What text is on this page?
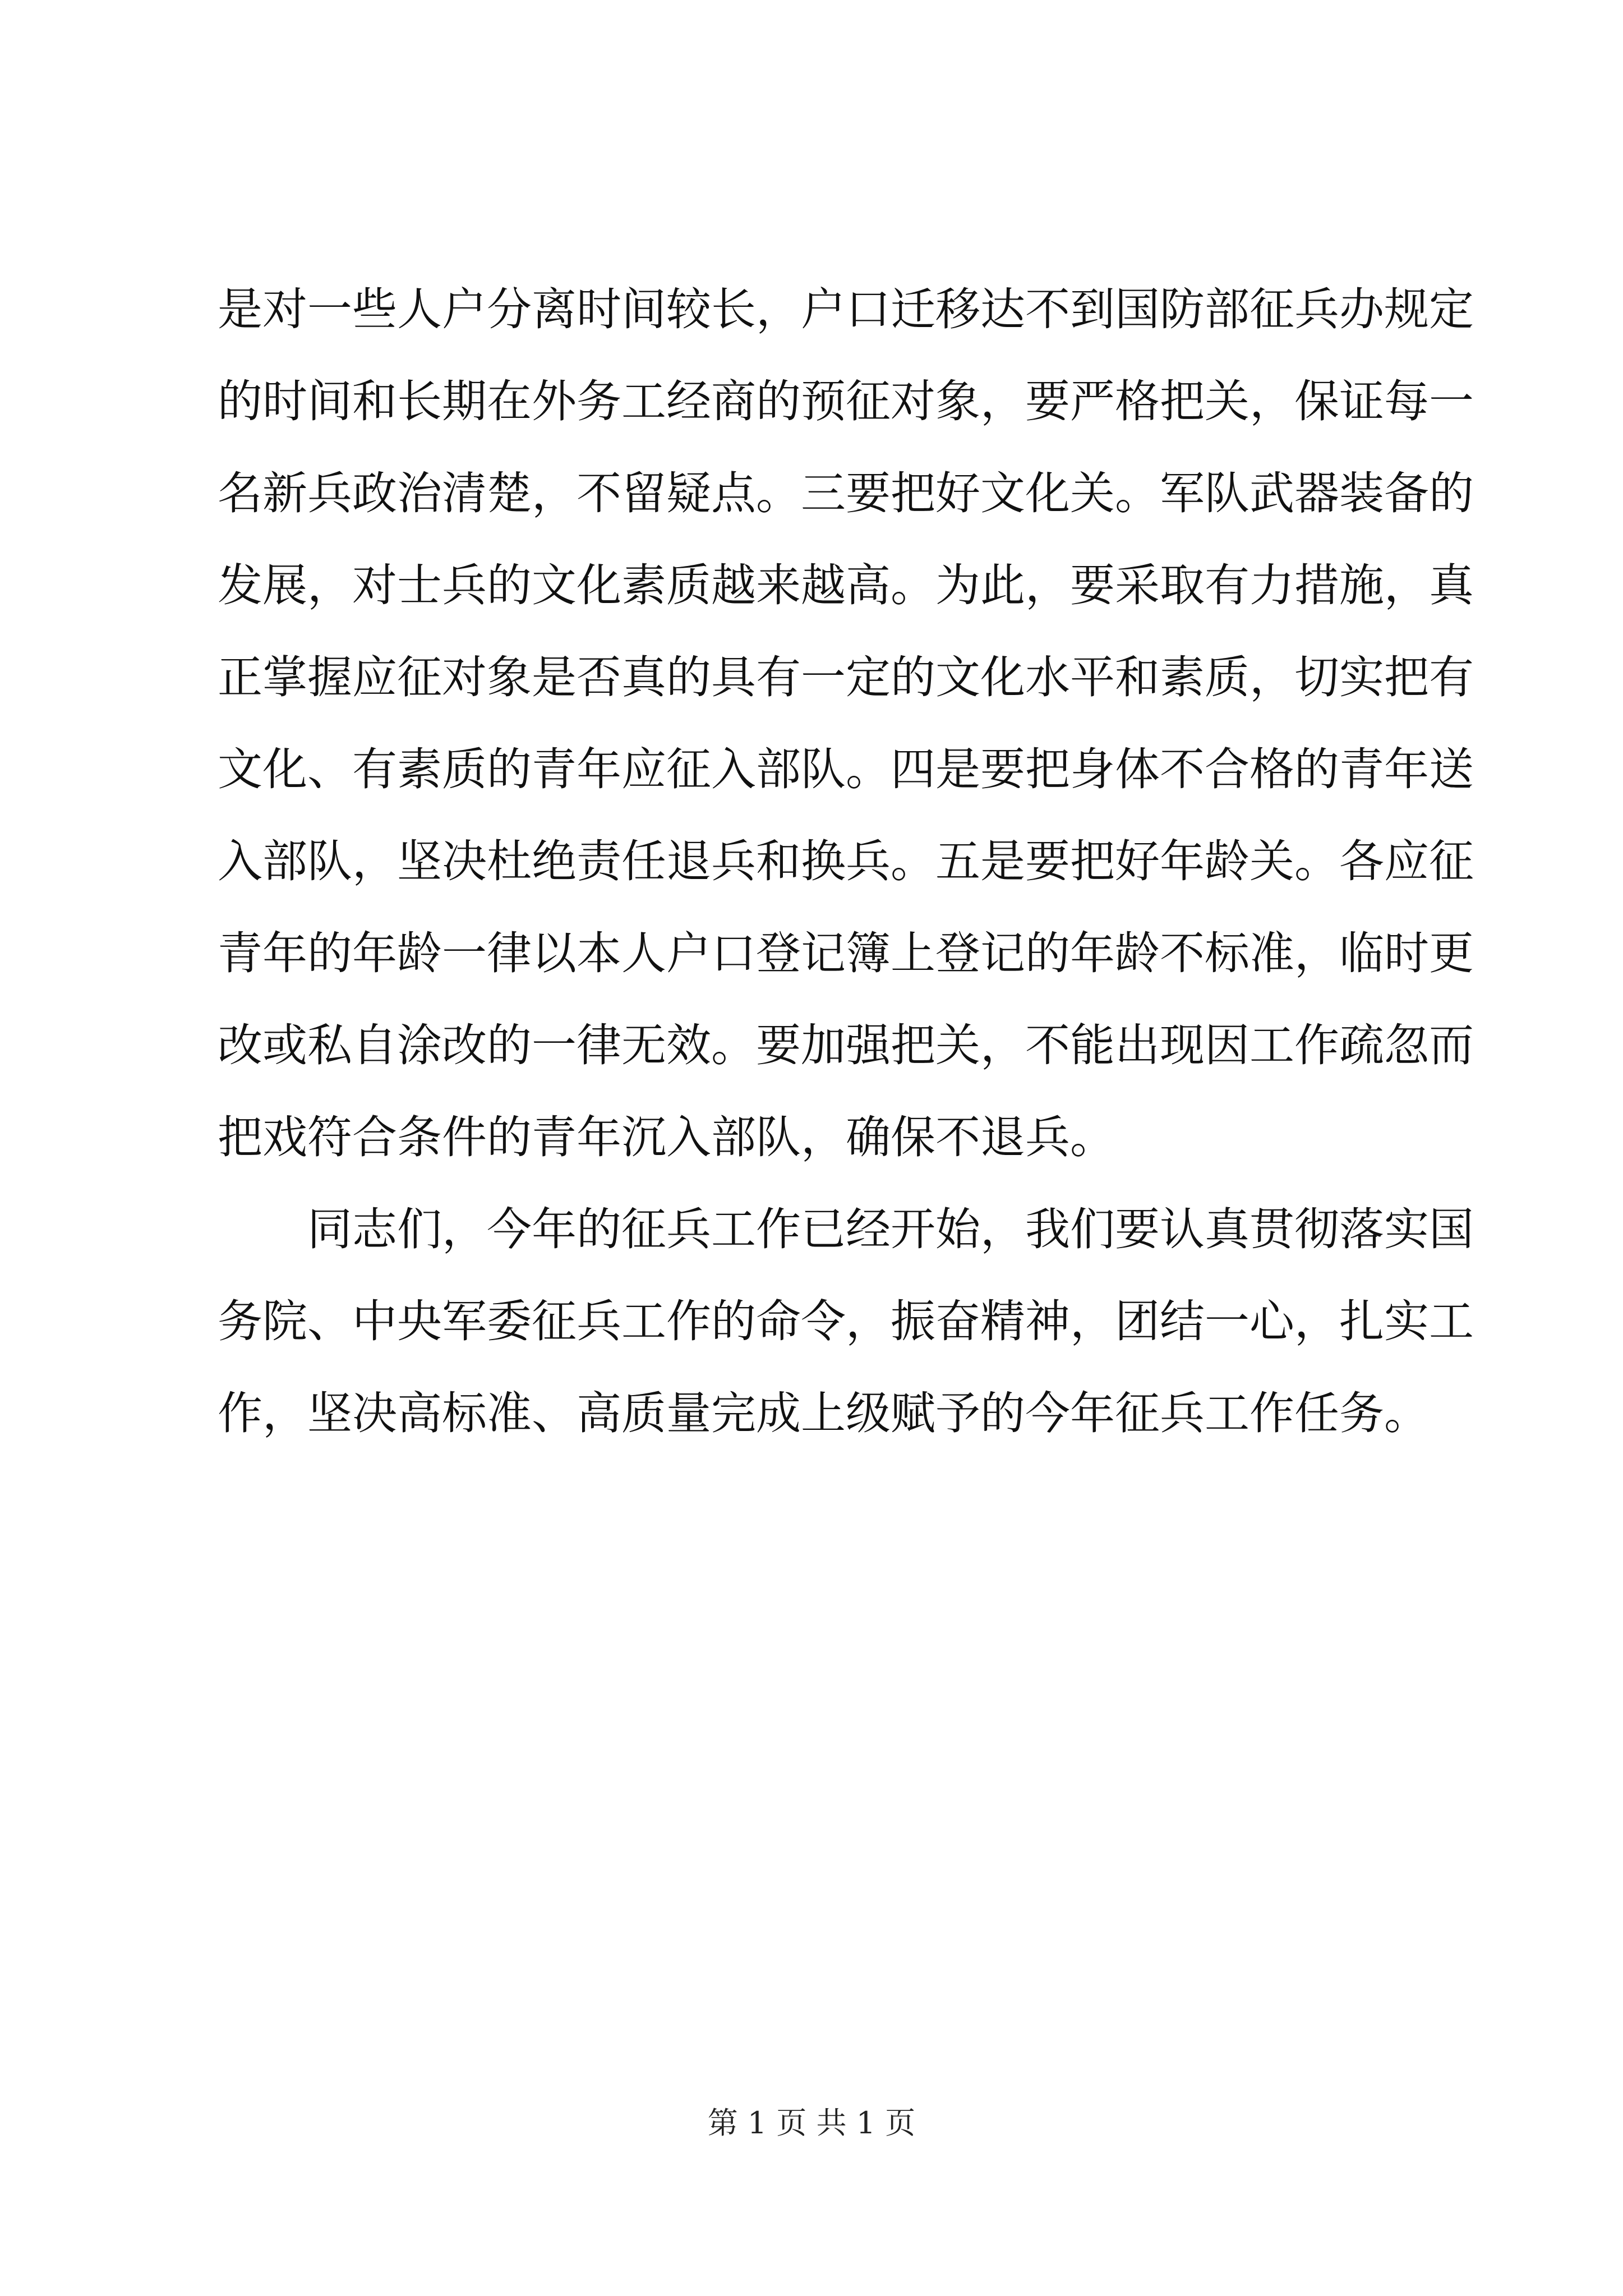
是对一些人户分离时间较长，户口迁移达不到国防部征兵办规定
的时间和长期在外务工经商的预征对象，要严格把关，保证每一
名新兵政治清楚，不留疑点。三要把好文化关。军队武器装备的
发展，对士兵的文化素质越来越高。为此，要采取有力措施，真
正掌握应征对象是否真的具有一定的文化水平和素质，切实把有
文化、有素质的青年应征入部队。四是要把身体不合格的青年送
入部队，坚决杜绝责任退兵和换兵。五是要把好年龄关。各应征
青年的年龄一律以本人户口登记簿上登记的年龄不标准，临时更
改或私自涂改的一律无效。要加强把关，不能出现因工作疏忽而
把戏符合条件的青年沉入部队，确保不退兵。
同志们，今年的征兵工作已经开始，我们要认真贯彻落实国
务院、中央军委征兵工作的命令，振奋精神，团结一心，扎实工
作，坚决高标准、高质量完成上级赋予的今年征兵工作任务。
第 1 页 共 1 页
